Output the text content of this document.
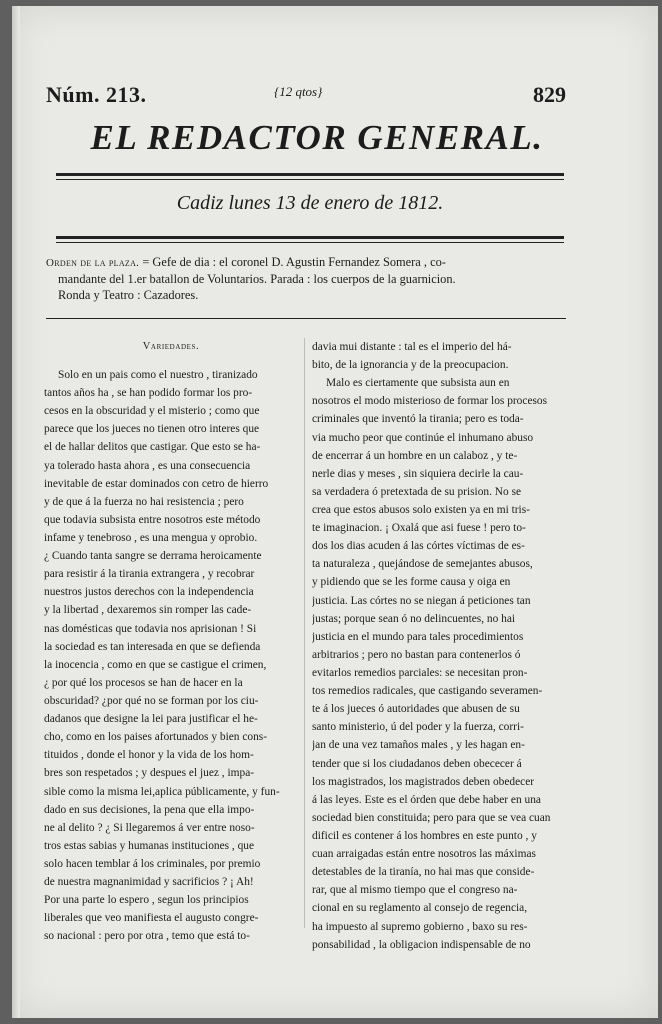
Núm. 213.	{12 qtos}	829
EL REDACTOR GENERAL.
Cadiz lunes 13 de enero de 1812.
Orden de la plaza. = Gefe de dia : el coronel D. Agustin Fernandez Somera , co-
mandante del 1.er batallon de Voluntarios. Parada : los cuerpos de la guarnicion.
Ronda y Teatro : Cazadores.
Variedades.
Solo en un pais como el nuestro , tiranizado
tantos años ha , se han podido formar los pro-
cesos en la obscuridad y el misterio ; como que
parece que los jueces no tienen otro interes que
el de hallar delitos que castigar. Que esto se ha-
ya tolerado hasta ahora , es una consecuencia
inevitable de estar dominados con cetro de hierro
y de que á la fuerza no hai resistencia ; pero
que todavia subsista entre nosotros este método
infame y tenebroso , es una mengua y oprobio.
¿ Cuando tanta sangre se derrama heroicamente
para resistir á la tirania extrangera , y recobrar
nuestros justos derechos con la independencia
y la libertad , dexaremos sin romper las cade-
nas domésticas que todavia nos aprisionan ! Si
la sociedad es tan interesada en que se defienda
la inocencia , como en que se castigue el crimen,
¿ por qué los procesos se han de hacer en la
obscuridad? ¿por qué no se forman por los ciu-
dadanos que designe la lei para justificar el he-
cho, como en los paises afortunados y bien cons-
tituidos , donde el honor y la vida de los hom-
bres son respetados ; y despues el juez , impa-
sible como la misma lei,aplica públicamente, y fun-
dado en sus decisiones, la pena que ella impo-
ne al delito ? ¿ Si llegaremos á ver entre noso-
tros estas sabias y humanas instituciones , que
solo hacen temblar á los criminales, por premio
de nuestra magnanimidad y sacrificios ? ¡ Ah!
Por una parte lo espero , segun los principios
liberales que veo manifiesta el augusto congre-
so nacional : pero por otra , temo que está to-
davia mui distante : tal es el imperio del há-
bito, de la ignorancia y de la preocupacion.
Malo es ciertamente que subsista aun en
nosotros el modo misterioso de formar los procesos
criminales que inventó la tirania; pero es toda-
via mucho peor que continúe el inhumano abuso
de encerrar á un hombre en un calaboz , y te-
nerle dias y meses , sin siquiera decirle la cau-
sa verdadera ó pretextada de su prision. No se
crea que estos abusos solo existen ya en mi tris-
te imaginacion. ¡ Oxalá que asi fuese ! pero to-
dos los dias acuden á las córtes víctimas de es-
ta naturaleza , quejándose de semejantes abusos,
y pidiendo que se les forme causa y oiga en
justicia. Las córtes no se niegan á peticiones tan
justas; porque sean ó no delincuentes, no hai
justicia en el mundo para tales procedimientos
arbitrarios ; pero no bastan para contenerlos ó
evitarlos remedios parciales: se necesitan pron-
tos remedios radicales, que castigando severamen-
te á los jueces ó autoridades que abusen de su
santo ministerio, ú del poder y la fuerza, corri-
jan de una vez tamaños males , y les hagan en-
tender que si los ciudadanos deben obececer á
los magistrados, los magistrados deben obedecer
á las leyes. Este es el órden que debe haber en una
sociedad bien constituida; pero para que se vea cuan
dificil es contener á los hombres en este punto , y
cuan arraigadas están entre nosotros las máximas
detestables de la tiranía, no hai mas que conside-
rar, que al mismo tiempo que el congreso na-
cional en su reglamento al consejo de regencia,
ha impuesto al supremo gobierno , baxo su res-
ponsabilidad , la obligacion indispensable de no
